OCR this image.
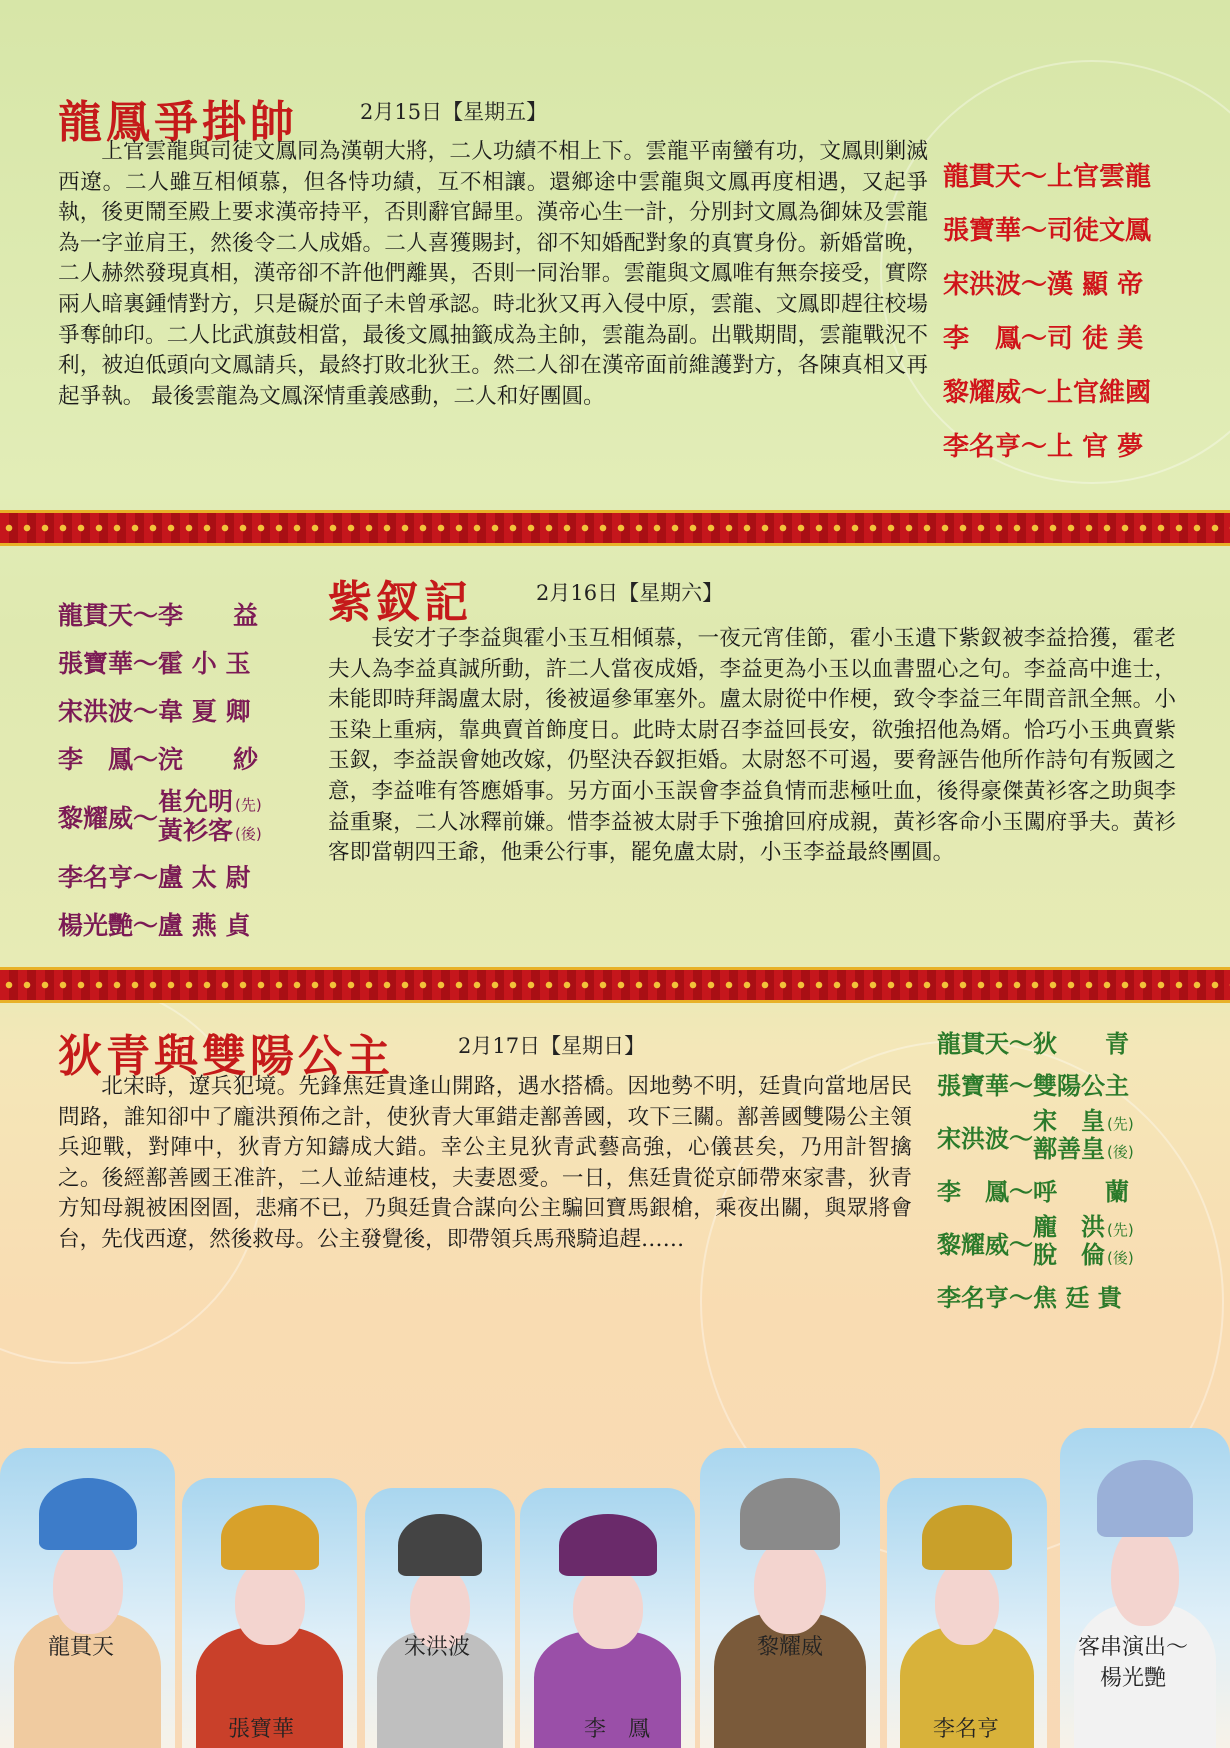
龍鳳爭掛帥	2月15日【星期五】

上官雲龍與司徒文鳳同為漢朝大將，二人功績不相上下。雲龍平南蠻有功，文鳳則剿滅西遼。二人雖互相傾慕，但各恃功績，互不相讓。還鄉途中雲龍與文鳳再度相遇，又起爭執，後更鬧至殿上要求漢帝持平，否則辭官歸里。漢帝心生一計，分別封文鳳為御妹及雲龍為一字並肩王，然後令二人成婚。二人喜獲賜封，卻不知婚配對象的真實身份。新婚當晚，二人赫然發現真相，漢帝卻不許他們離異，否則一同治罪。雲龍與文鳳唯有無奈接受，實際兩人暗裏鍾情對方，只是礙於面子未曾承認。時北狄又再入侵中原，雲龍、文鳳即趕往校場爭奪帥印。二人比武旗鼓相當，最後文鳳抽籤成為主帥，雲龍為副。出戰期間，雲龍戰況不利，被迫低頭向文鳳請兵，最終打敗北狄王。然二人卻在漢帝面前維護對方，各陳真相又再起爭執。 最後雲龍為文鳳深情重義感動，二人和好團圓。

龍貫天 ～ 上官雲龍
張寶華 ～ 司徒文鳳
宋洪波 ～ 漢 顯 帝
李　鳳 ～ 司 徒 美
黎耀威 ～ 上官維國
李名亨 ～ 上 官 夢
龍貫天 ～ 李　　益
張寶華 ～ 霍 小 玉
宋洪波 ～ 韋 夏 卿
李　鳳 ～ 浣　　紗
黎耀威 ～
崔允明 (先)
黃衫客 (後)
李名亨 ～ 盧 太 尉
楊光艷 ～ 盧 燕 貞
紫釵記	2月16日【星期六】

長安才子李益與霍小玉互相傾慕，一夜元宵佳節，霍小玉遺下紫釵被李益拾獲，霍老夫人為李益真誠所動，許二人當夜成婚，李益更為小玉以血書盟心之句。李益高中進士，未能即時拜謁盧太尉，後被逼參軍塞外。盧太尉從中作梗，致令李益三年間音訊全無。小玉染上重病，靠典賣首飾度日。此時太尉召李益回長安，欲強招他為婿。恰巧小玉典賣紫玉釵，李益誤會她改嫁，仍堅決吞釵拒婚。太尉怒不可遏，要脅誣告他所作詩句有叛國之意，李益唯有答應婚事。另方面小玉誤會李益負情而悲極吐血，後得豪傑黃衫客之助與李益重聚，二人冰釋前嫌。惜李益被太尉手下強搶回府成親，黃衫客命小玉闖府爭夫。黃衫客即當朝四王爺，他秉公行事，罷免盧太尉，小玉李益最終團圓。

狄青與雙陽公主	2月17日【星期日】

北宋時，遼兵犯境。先鋒焦廷貴逢山開路，遇水搭橋。因地勢不明，廷貴向當地居民問路，誰知卻中了龐洪預佈之計，使狄青大軍錯走鄯善國，攻下三關。鄯善國雙陽公主領兵迎戰，對陣中，狄青方知鑄成大錯。幸公主見狄青武藝高強，心儀甚矣，乃用計智擒之。後經鄯善國王准許，二人並結連枝，夫妻恩愛。一日，焦廷貴從京師帶來家書，狄青方知母親被困囹圄，悲痛不已，乃與廷貴合謀向公主騙回寶馬銀槍，乘夜出關，與眾將會台，先伐西遼，然後救母。公主發覺後，即帶領兵馬飛騎追趕……

龍貫天 ～ 狄　　青
張寶華 ～ 雙陽公主
宋洪波 ～
宋　皇 (先)
鄯善皇 (後)
李　鳳 ～ 呼　　蘭
黎耀威 ～
龐　洪 (先)
脫　倫 (後)
李名亨 ～ 焦 廷 貴
龍貫天
張寶華
宋洪波
李　鳳
黎耀威
李名亨
客串演出～
楊光艷
